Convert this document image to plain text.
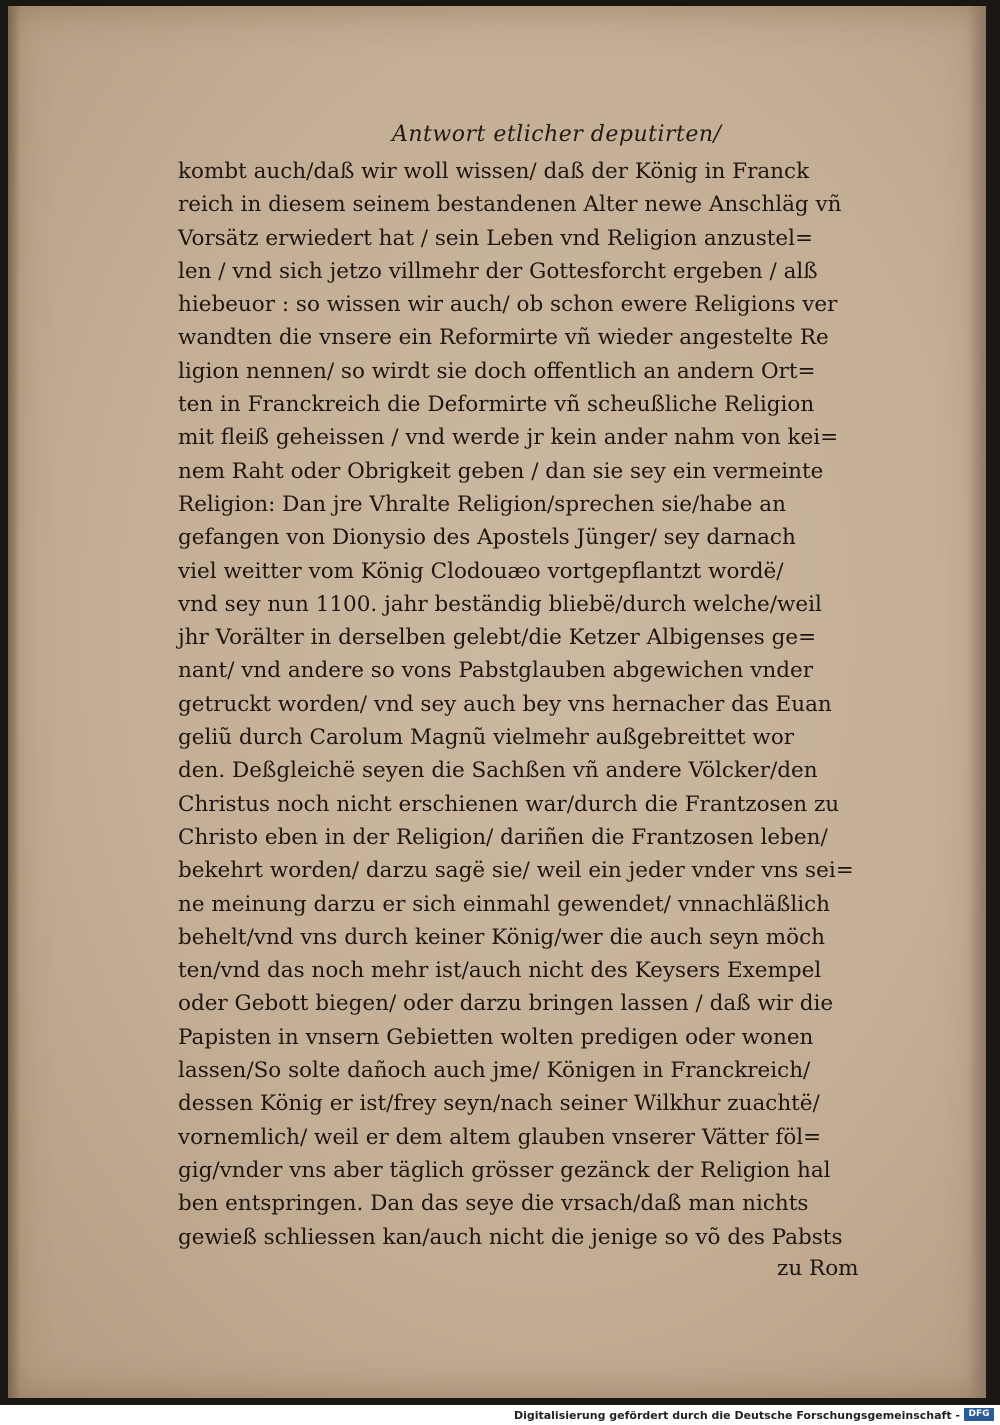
Antwort etlicher deputirten/
kombt auch/daß wir woll wissen/ daß der König in Franck
reich in diesem seinem bestandenen Alter newe Anschläg vñ
Vorsätz erwiedert hat / sein Leben vnd Religion anzustel=
len / vnd sich jetzo villmehr der Gottesforcht ergeben / alß
hiebeuor : so wissen wir auch/ ob schon ewere Religions ver
wandten die vnsere ein Reformirte vñ wieder angestelte Re
ligion nennen/ so wirdt sie doch offentlich an andern Ort=
ten in Franckreich die Deformirte vñ scheußliche Religion
mit fleiß geheissen / vnd werde jr kein ander nahm von kei=
nem Raht oder Obrigkeit geben / dan sie sey ein vermeinte
Religion: Dan jre Vhralte Religion/sprechen sie/habe an
gefangen von Dionysio des Apostels Jünger/ sey darnach
viel weitter vom König Clodouæo vortgepflantzt wordë/
vnd sey nun 1100. jahr beständig bliebë/durch welche/weil
jhr Vorälter in derselben gelebt/die Ketzer Albigenses ge=
nant/ vnd andere so vons Pabstglauben abgewichen vnder
getruckt worden/ vnd sey auch bey vns hernacher das Euan
geliũ durch Carolum Magnũ vielmehr außgebreittet wor
den. Deßgleichë seyen die Sachßen vñ andere Völcker/den
Christus noch nicht erschienen war/durch die Frantzosen zu
Christo eben in der Religion/ dariñen die Frantzosen leben/
bekehrt worden/ darzu sagë sie/ weil ein jeder vnder vns sei=
ne meinung darzu er sich einmahl gewendet/ vnnachläßlich
behelt/vnd vns durch keiner König/wer die auch seyn möch
ten/vnd das noch mehr ist/auch nicht des Keysers Exempel
oder Gebott biegen/ oder darzu bringen lassen / daß wir die
Papisten in vnsern Gebietten wolten predigen oder wonen
lassen/So solte dañoch auch jme/ Königen in Franckreich/
dessen König er ist/frey seyn/nach seiner Wilkhur zuachtë/
vornemlich/ weil er dem altem glauben vnserer Vätter föl=
gig/vnder vns aber täglich grösser gezänck der Religion hal
ben entspringen. Dan das seye die vrsach/daß man nichts
gewieß schliessen kan/auch nicht die jenige so võ des Pabsts
zu Rom
Digitalisierung gefördert durch die Deutsche Forschungsgemeinschaft - DFG
